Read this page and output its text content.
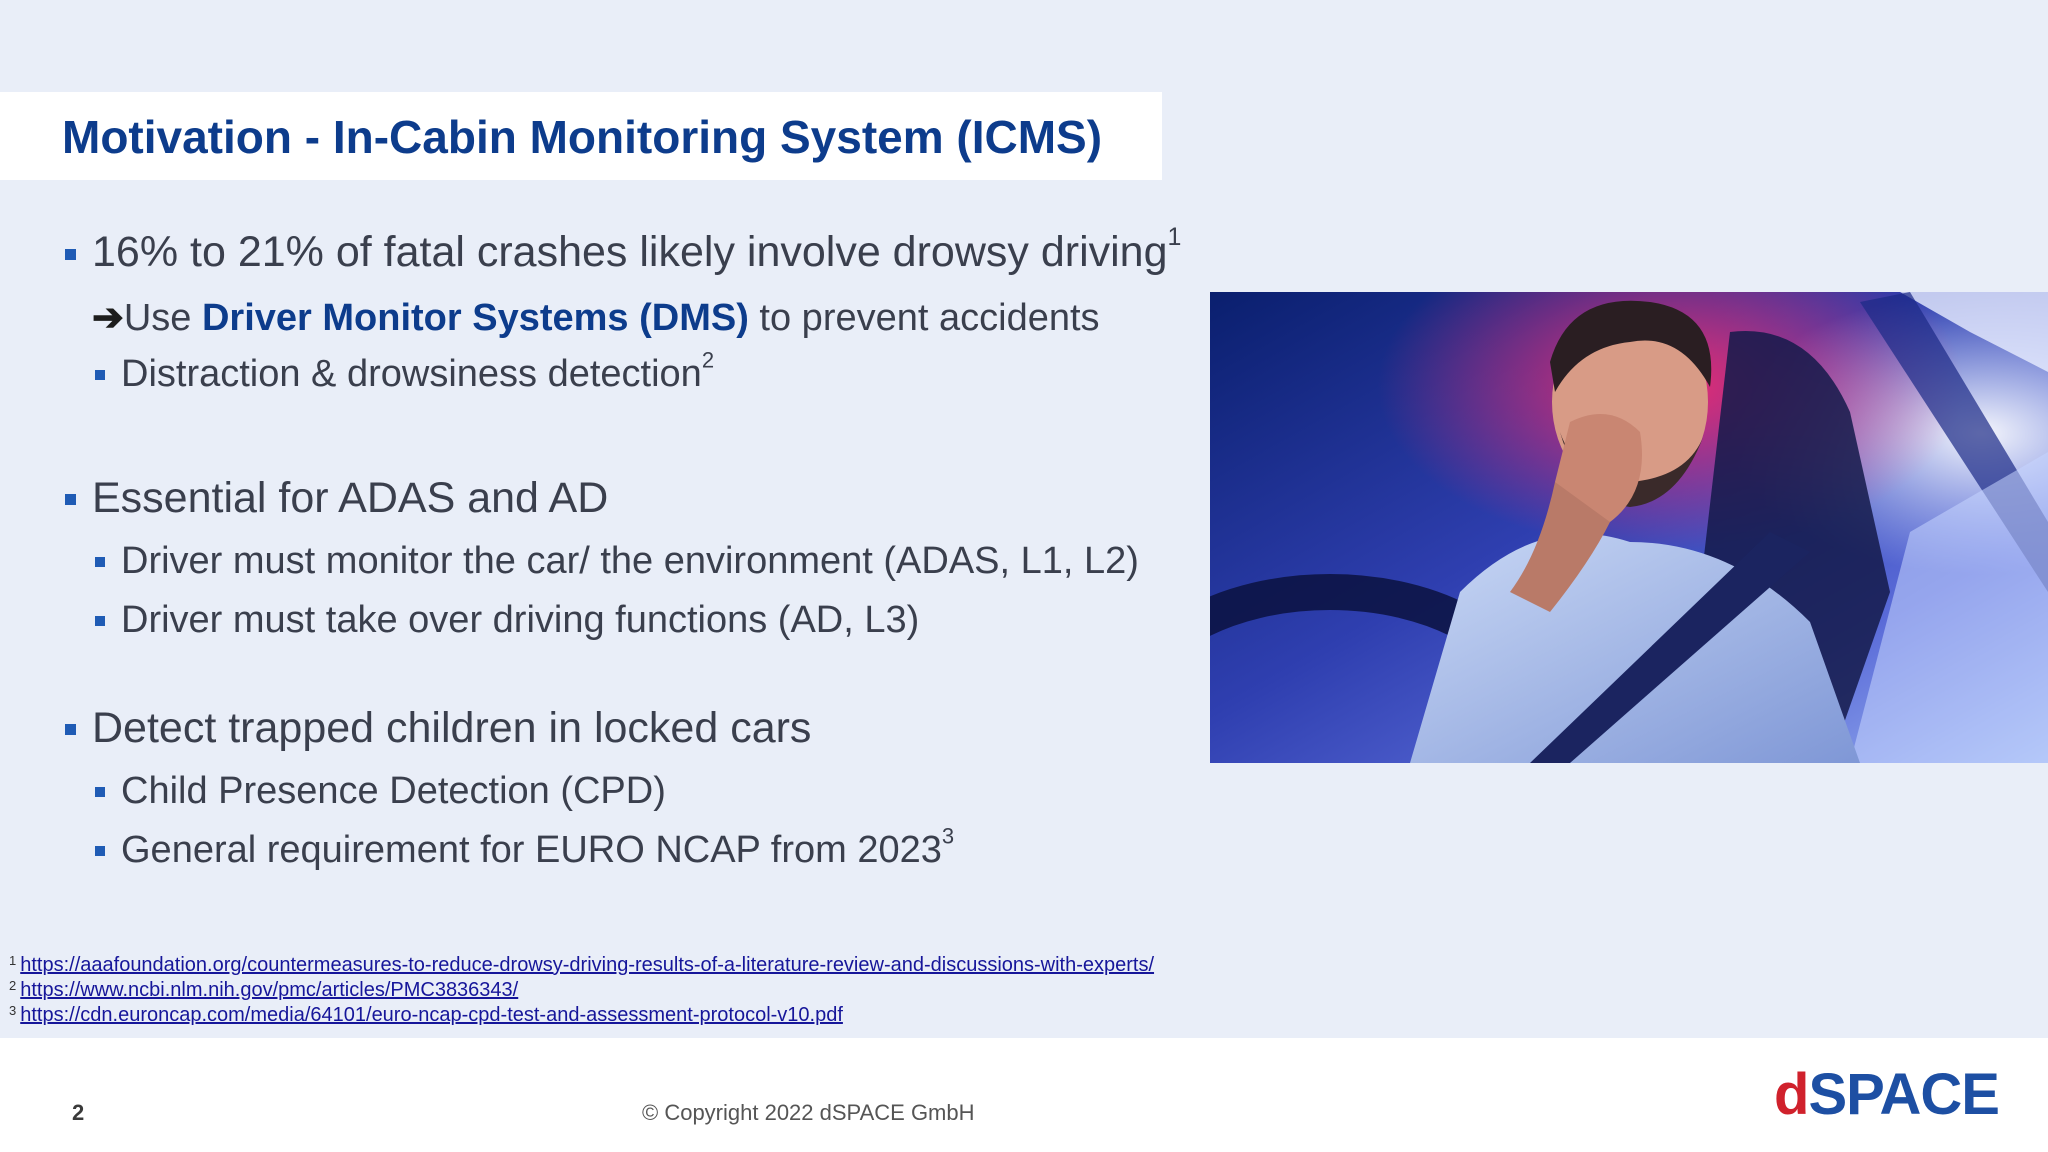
Motivation - In-Cabin Monitoring System (ICMS)
16% to 21% of fatal crashes likely involve drowsy driving$^1$
➔Use Driver Monitor Systems (DMS) to prevent accidents
Distraction & drowsiness detection$^2$
Essential for ADAS and AD
Driver must monitor the car/ the environment (ADAS, L1, L2)
Driver must take over driving functions (AD, L3)
Detect trapped children in locked cars
Child Presence Detection (CPD)
General requirement for EURO NCAP from 2023$^3$
$^1$ https://aaafoundation.org/countermeasures-to-reduce-drowsy-driving-results-of-a-literature-review-and-discussions-with-experts/
$^2$ https://www.ncbi.nlm.nih.gov/pmc/articles/PMC3836343/
$^3$ https://cdn.euroncap.com/media/64101/euro-ncap-cpd-test-and-assessment-protocol-v10.pdf
2	© Copyright 2022 dSPACE GmbH	dSPACE
